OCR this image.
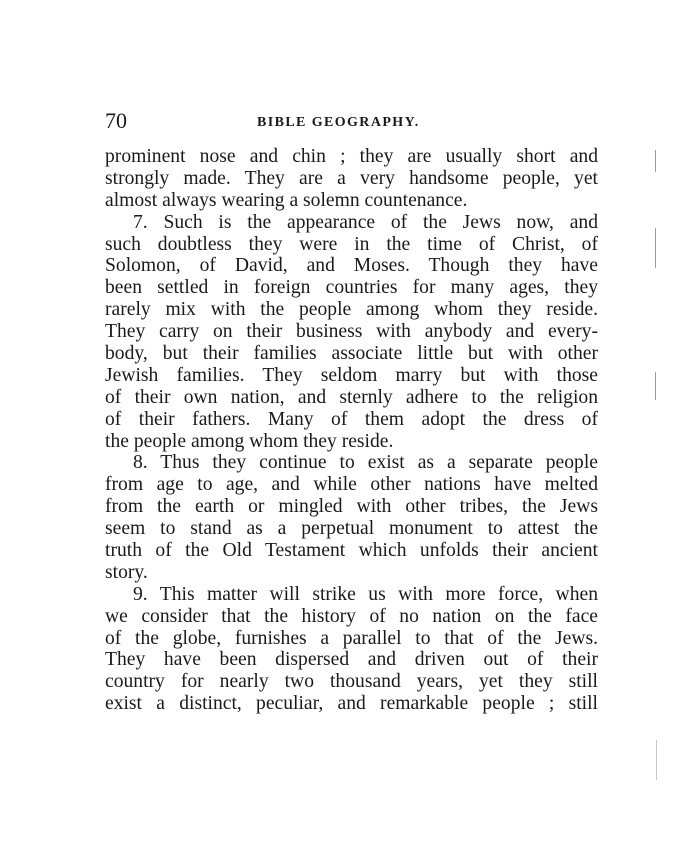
70	BIBLE GEOGRAPHY.
prominent nose and chin ; they are usually short and
strongly made. They are a very handsome people, yet
almost always wearing a solemn countenance.
7. Such is the appearance of the Jews now, and
such doubtless they were in the time of Christ, of
Solomon, of David, and Moses. Though they have
been settled in foreign countries for many ages, they
rarely mix with the people among whom they reside.
They carry on their business with anybody and every-
body, but their families associate little but with other
Jewish families. They seldom marry but with those
of their own nation, and sternly adhere to the religion
of their fathers. Many of them adopt the dress of
the people among whom they reside.
8. Thus they continue to exist as a separate people
from age to age, and while other nations have melted
from the earth or mingled with other tribes, the Jews
seem to stand as a perpetual monument to attest the
truth of the Old Testament which unfolds their ancient
story.
9. This matter will strike us with more force, when
we consider that the history of no nation on the face
of the globe, furnishes a parallel to that of the Jews.
They have been dispersed and driven out of their
country for nearly two thousand years, yet they still
exist a distinct, peculiar, and remarkable people ; still
